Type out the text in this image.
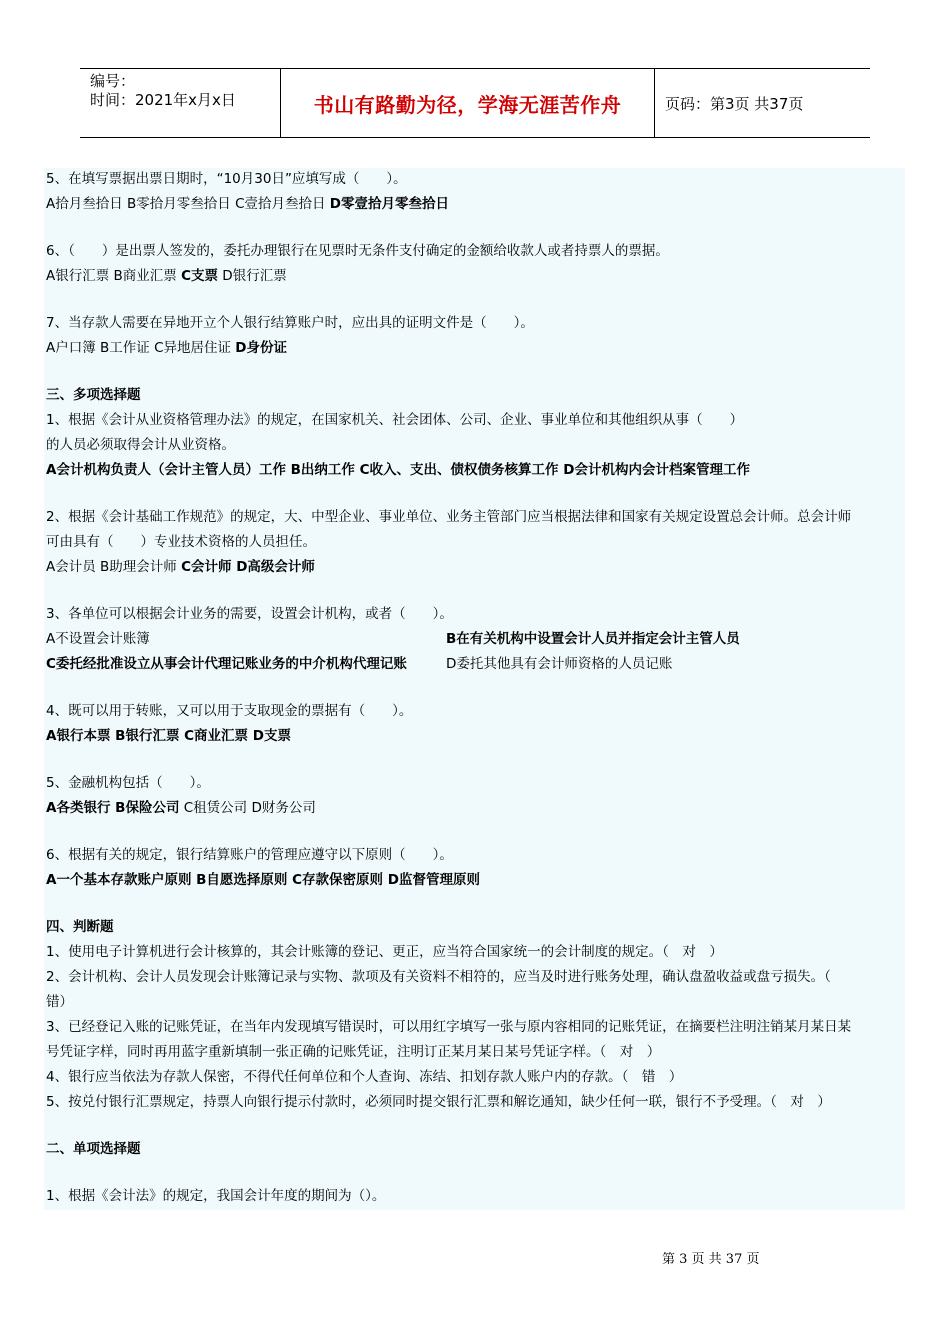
编号：
时间：2021年x月x日	书山有路勤为径，学海无涯苦作舟	页码：第3页 共37页
5、在填写票据出票日期时，“10月30日”应填写成（　　）。
A拾月叁拾日 B零拾月零叁拾日 C壹拾月叁拾日 D零壹拾月零叁拾日
6、（　　）是出票人签发的，委托办理银行在见票时无条件支付确定的金额给收款人或者持票人的票据。
A银行汇票 B商业汇票 C支票 D银行汇票
7、当存款人需要在异地开立个人银行结算账户时，应出具的证明文件是（　　）。
A户口簿 B工作证 C异地居住证 D身份证
三、多项选择题
1、根据《会计从业资格管理办法》的规定，在国家机关、社会团体、公司、企业、事业单位和其他组织从事（　　）
的人员必须取得会计从业资格。
A会计机构负责人（会计主管人员）工作 B出纳工作 C收入、支出、债权债务核算工作 D会计机构内会计档案管理工作
2、根据《会计基础工作规范》的规定，大、中型企业、事业单位、业务主管部门应当根据法律和国家有关规定设置总会计师。总会计师
可由具有（　　）专业技术资格的人员担任。
A会计员 B助理会计师 C会计师 D高级会计师
3、各单位可以根据会计业务的需要，设置会计机构，或者（　　）。
A不设置会计账簿	B在有关机构中设置会计人员并指定会计主管人员
C委托经批准设立从事会计代理记账业务的中介机构代理记账	D委托其他具有会计师资格的人员记账
4、既可以用于转账，又可以用于支取现金的票据有（　　）。
A银行本票 B银行汇票 C商业汇票 D支票
5、金融机构包括（　　）。
A各类银行 B保险公司 C租赁公司 D财务公司
6、根据有关的规定，银行结算账户的管理应遵守以下原则（　　）。
A一个基本存款账户原则 B自愿选择原则 C存款保密原则 D监督管理原则
四、判断题
1、使用电子计算机进行会计核算的，其会计账簿的登记、更正，应当符合国家统一的会计制度的规定。（　对　）
2、会计机构、会计人员发现会计账簿记录与实物、款项及有关资料不相符的，应当及时进行账务处理，确认盘盈收益或盘亏损失。（
错）
3、已经登记入账的记账凭证，在当年内发现填写错误时，可以用红字填写一张与原内容相同的记账凭证，在摘要栏注明注销某月某日某
号凭证字样，同时再用蓝字重新填制一张正确的记账凭证，注明订正某月某日某号凭证字样。（　对　）
4、银行应当依法为存款人保密，不得代任何单位和个人查询、冻结、扣划存款人账户内的存款。（　错　）
5、按兑付银行汇票规定，持票人向银行提示付款时，必须同时提交银行汇票和解讫通知，缺少任何一联，银行不予受理。（　对　）
二、单项选择题
1、根据《会计法》的规定，我国会计年度的期间为（）。
第 3 页 共 37 页
